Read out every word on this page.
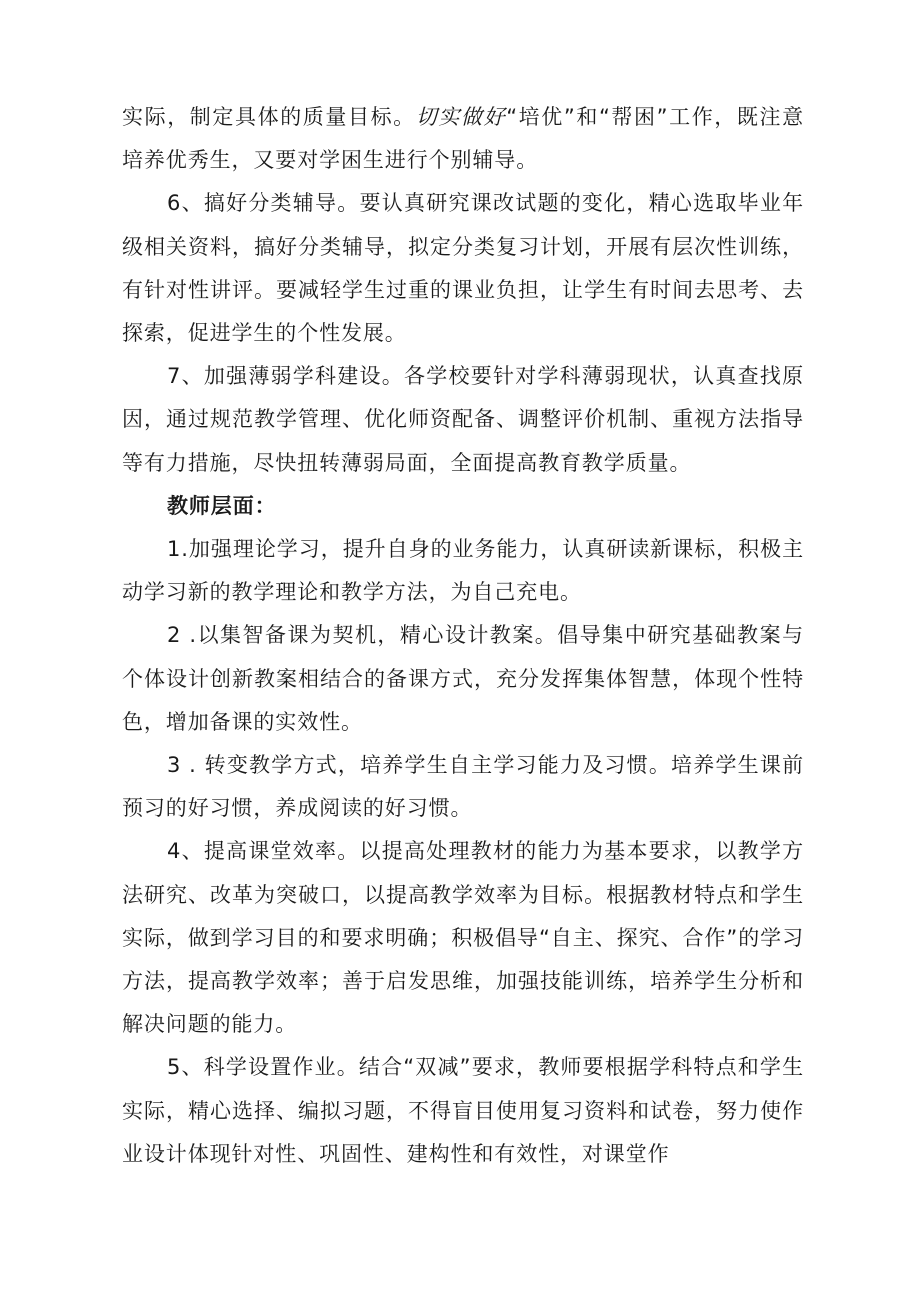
实际，制定具体的质量目标。切实做好“培优”和“帮困”工作，既注意培养优秀生，又要对学困生进行个别辅导。

6、搞好分类辅导。要认真研究课改试题的变化，精心选取毕业年级相关资料，搞好分类辅导，拟定分类复习计划，开展有层次性训练，有针对性讲评。要减轻学生过重的课业负担，让学生有时间去思考、去探索，促进学生的个性发展。

7、加强薄弱学科建设。各学校要针对学科薄弱现状，认真查找原因，通过规范教学管理、优化师资配备、调整评价机制、重视方法指导等有力措施，尽快扭转薄弱局面，全面提高教育教学质量。

教师层面：

1.加强理论学习，提升自身的业务能力，认真研读新课标，积极主动学习新的教学理论和教学方法，为自己充电。

2 .以集智备课为契机，精心设计教案。倡导集中研究基础教案与个体设计创新教案相结合的备课方式，充分发挥集体智慧，体现个性特色，增加备课的实效性。

3 . 转变教学方式，培养学生自主学习能力及习惯。培养学生课前预习的好习惯，养成阅读的好习惯。

4、提高课堂效率。以提高处理教材的能力为基本要求，以教学方法研究、改革为突破口，以提高教学效率为目标。根据教材特点和学生实际，做到学习目的和要求明确；积极倡导“自主、探究、合作”的学习方法，提高教学效率；善于启发思维，加强技能训练，培养学生分析和解决问题的能力。

5、科学设置作业。结合“双减”要求，教师要根据学科特点和学生实际，精心选择、编拟习题，不得盲目使用复习资料和试卷，努力使作业设计体现针对性、巩固性、建构性和有效性，对课堂作
